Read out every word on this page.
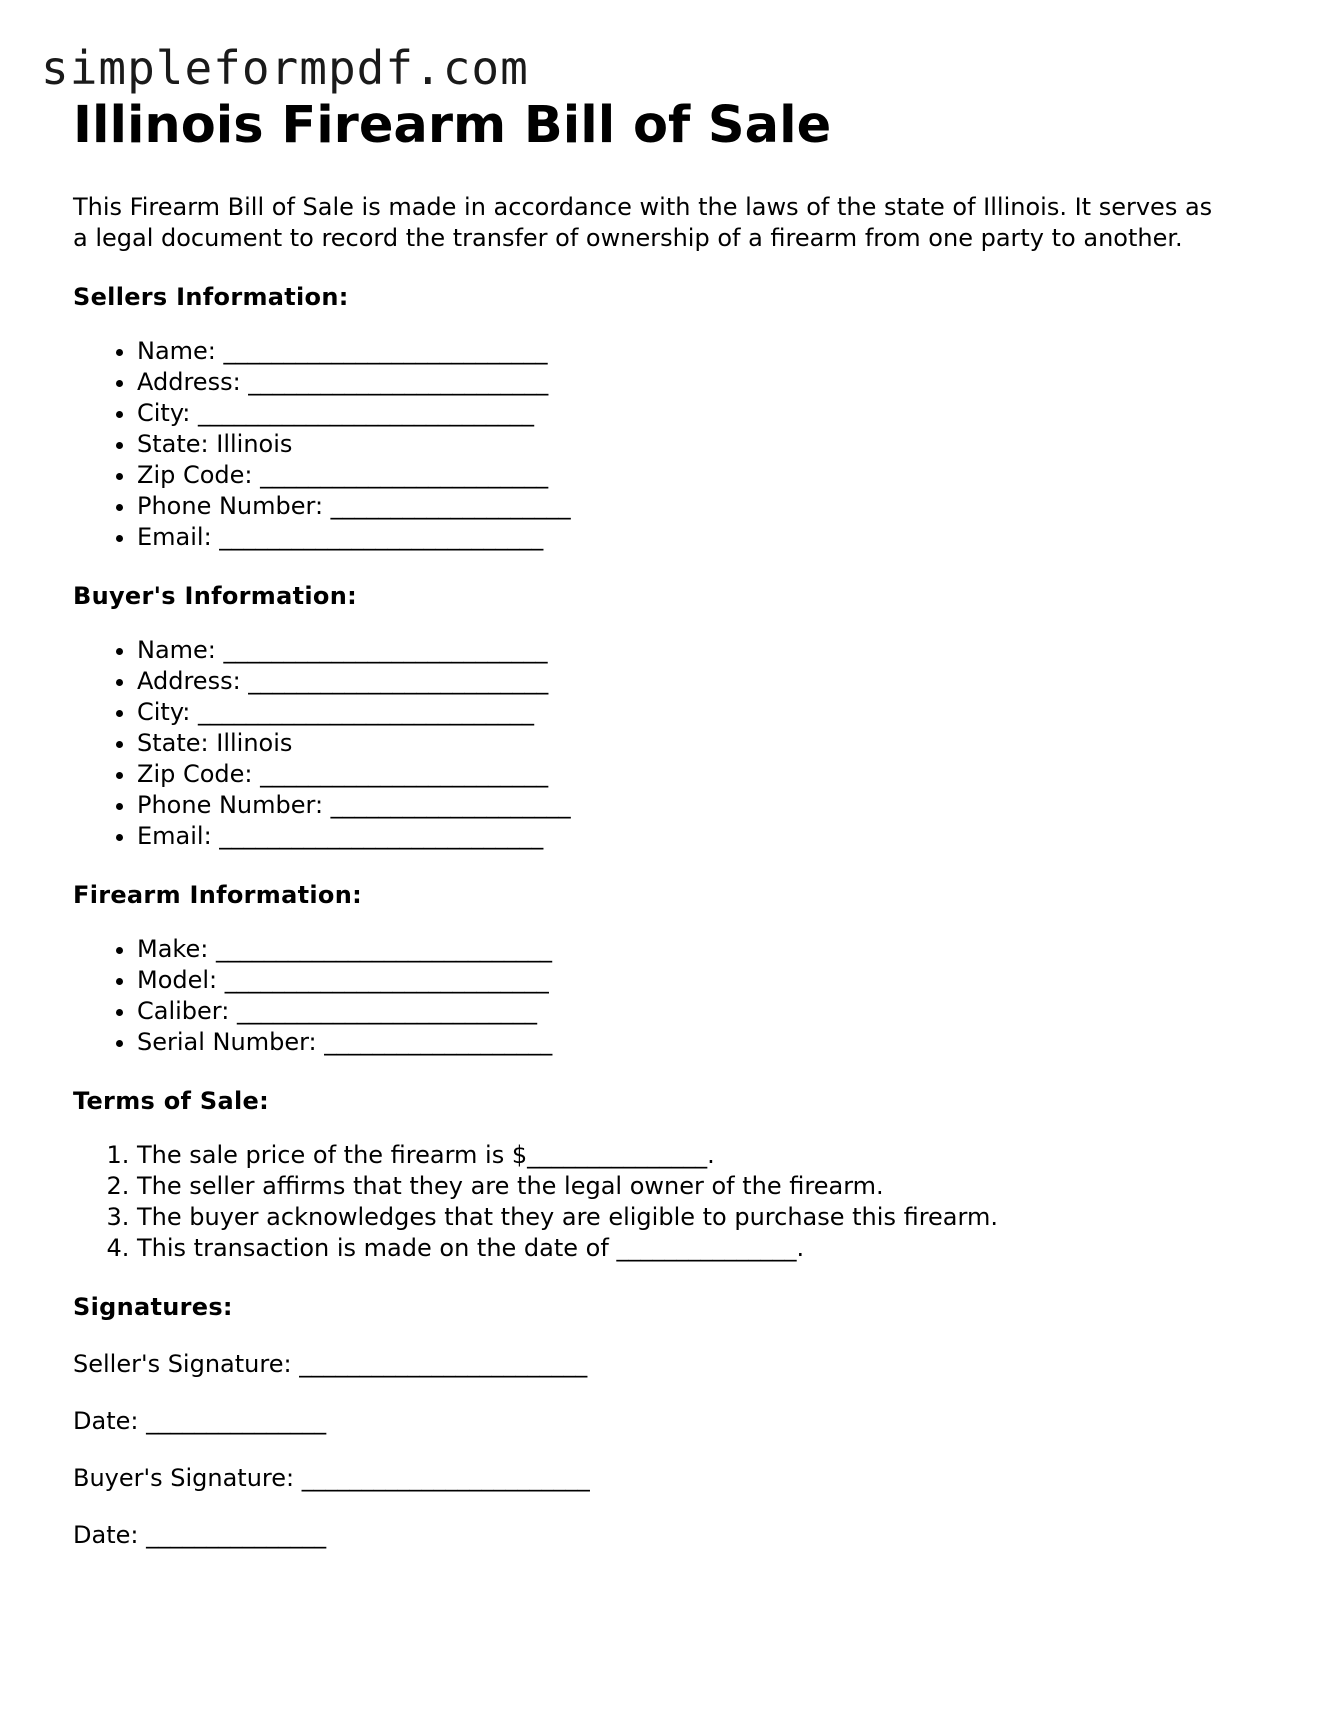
simpleformpdf.com
Illinois Firearm Bill of Sale

This Firearm Bill of Sale is made in accordance with the laws of the state of Illinois. It serves as a legal document to record the transfer of ownership of a firearm from one party to another.

Sellers Information:
• Name: ___________________________
• Address: _________________________
• City: ____________________________
• State: Illinois
• Zip Code: ________________________
• Phone Number: ____________________
• Email: ___________________________
Buyer's Information:
• Name: ___________________________
• Address: _________________________
• City: ____________________________
• State: Illinois
• Zip Code: ________________________
• Phone Number: ____________________
• Email: ___________________________
Firearm Information:
• Make: ____________________________
• Model: ___________________________
• Caliber: _________________________
• Serial Number: ___________________
Terms of Sale:
1. The sale price of the firearm is $_______________.
2. The seller affirms that they are the legal owner of the firearm.
3. The buyer acknowledges that they are eligible to purchase this firearm.
4. This transaction is made on the date of _______________.
Signatures:

Seller's Signature: ________________________

Date: _______________

Buyer's Signature: ________________________

Date: _______________
